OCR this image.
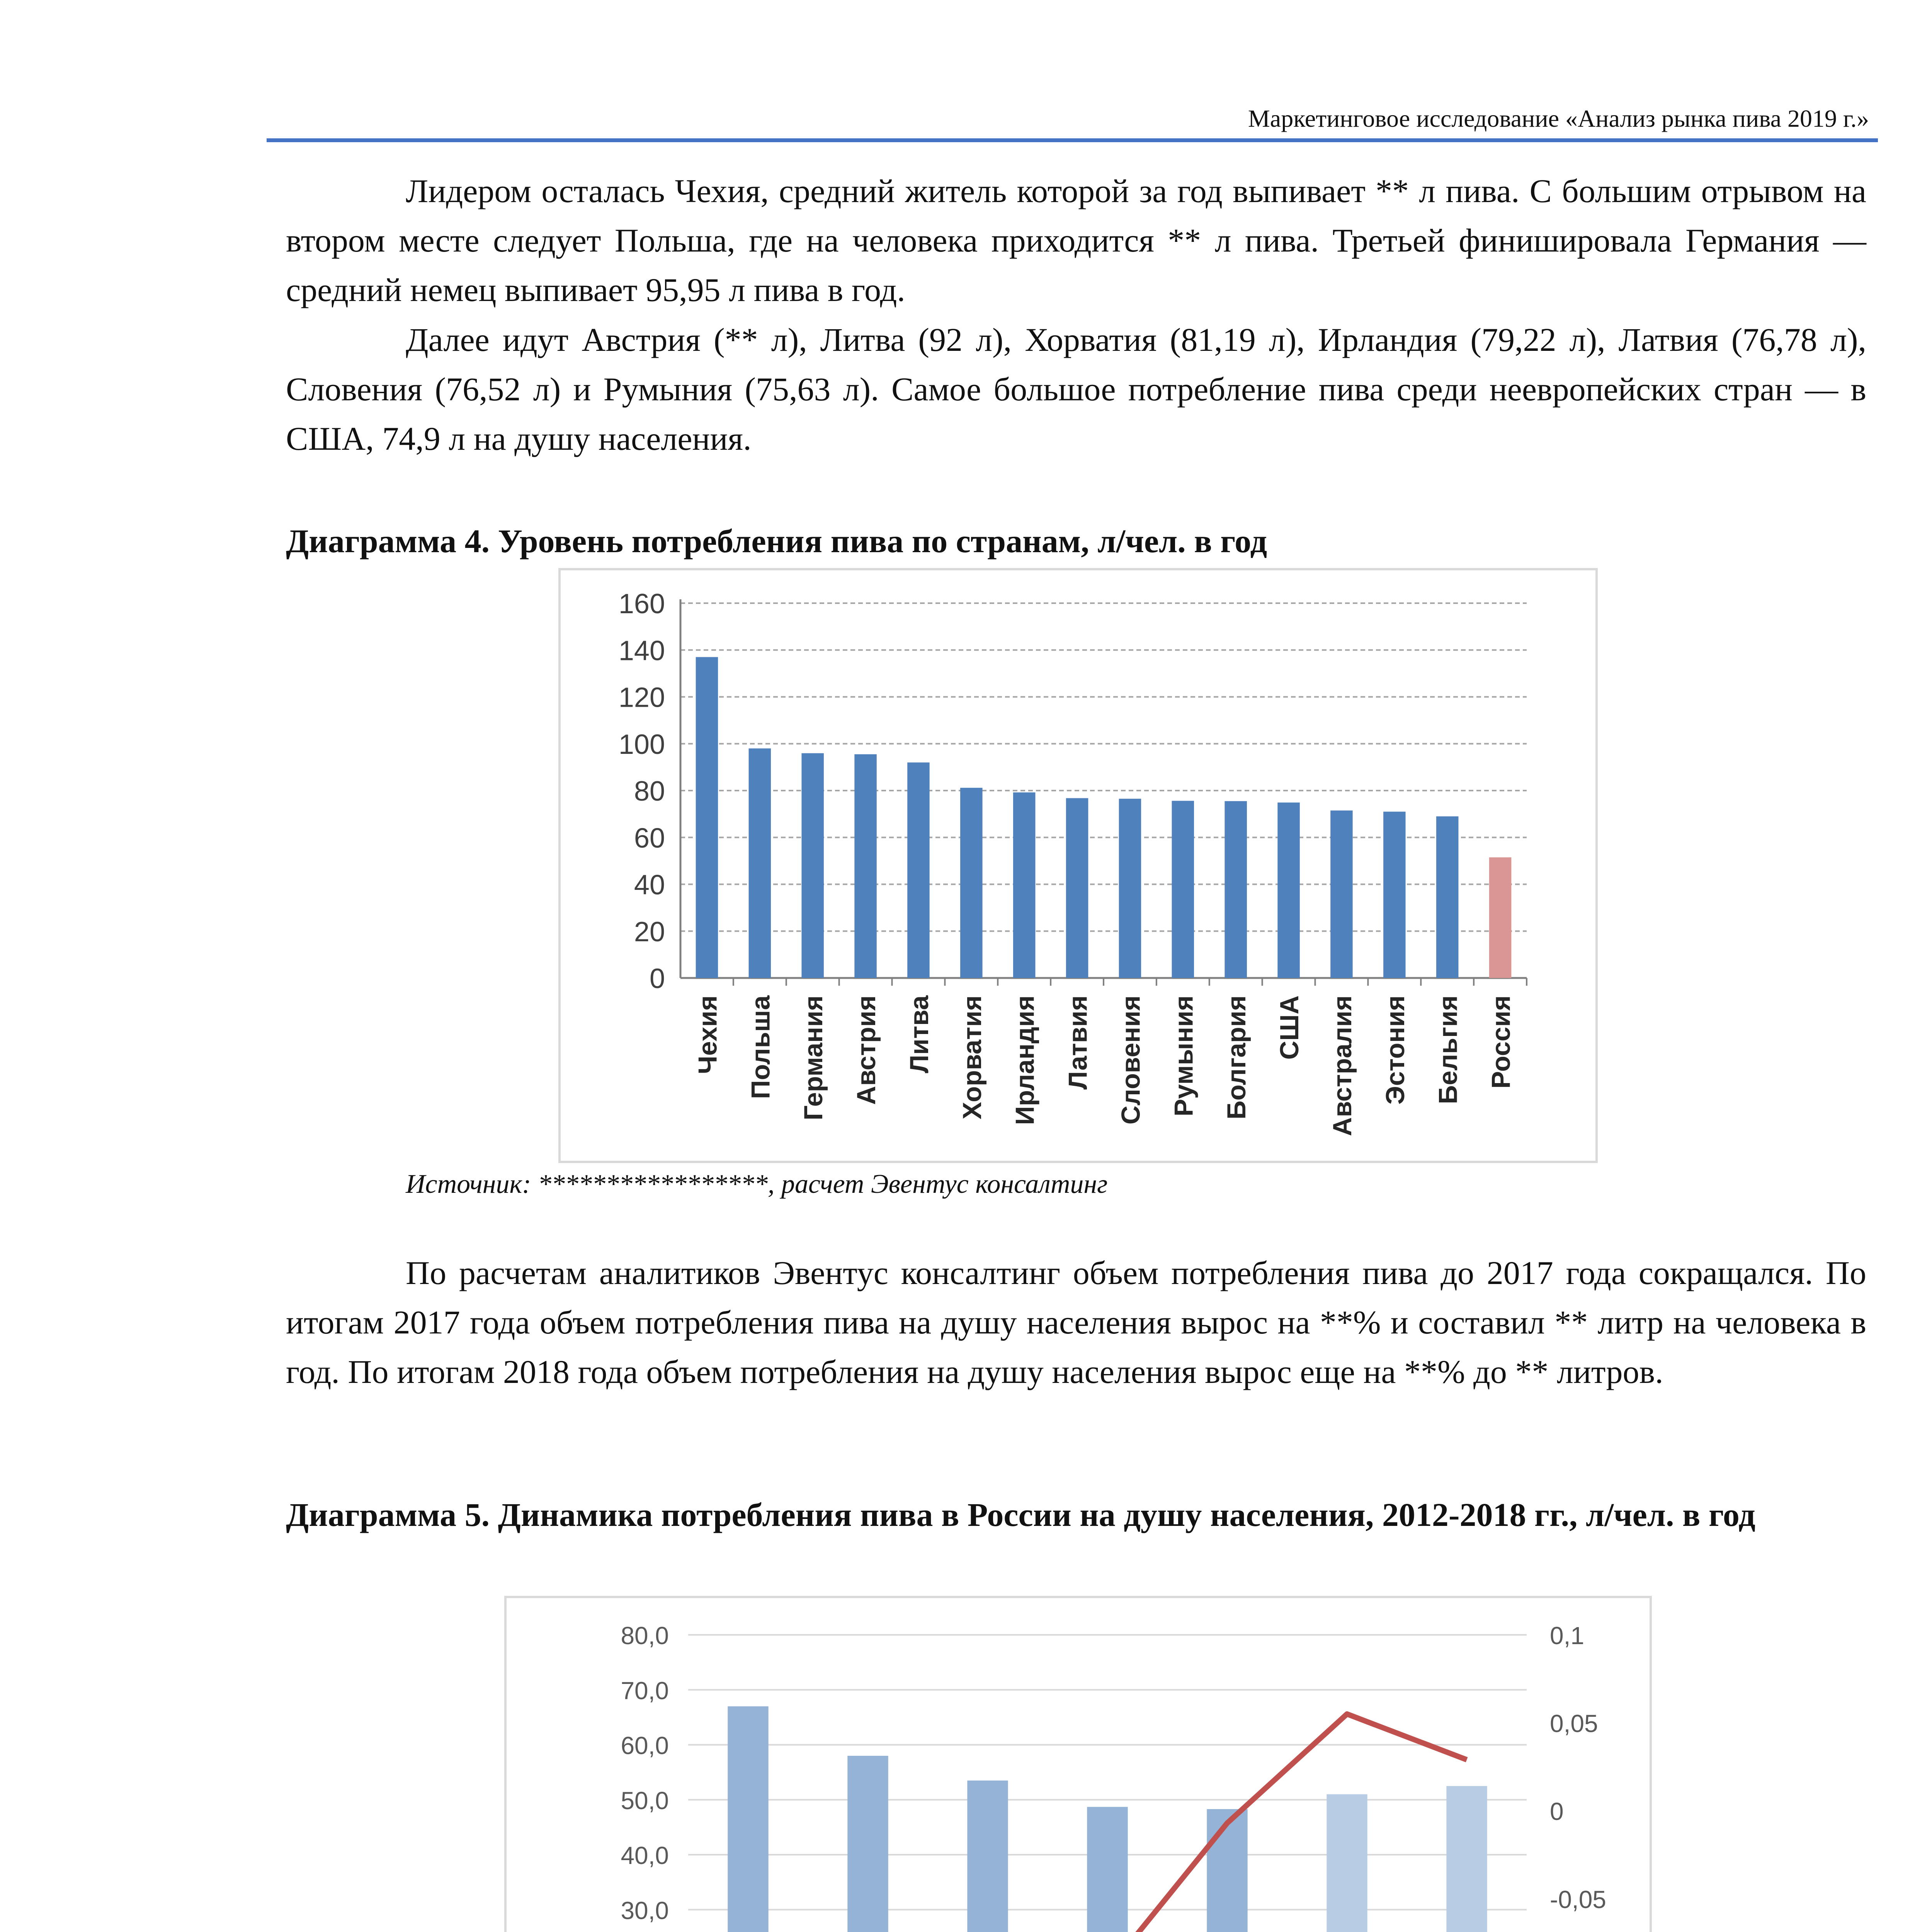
Маркетинговое исследование «Анализ рынка пива 2019 г.»

Лидером осталась Чехия, средний житель которой за год выпивает ** л пива. С большим отрывом на втором месте следует Польша, где на человека приходится ** л пива. Третьей финишировала Германия — средний немец выпивает 95,95 л пива в год.

Далее идут Австрия (** л), Литва (92 л), Хорватия (81,19 л), Ирландия (79,22 л), Латвия (76,78 л), Словения (76,52 л) и Румыния (75,63 л). Самое большое потребление пива среди неевропейских стран — в США, 74,9 л на душу населения.

Диаграмма 4. Уровень потребления пива по странам, л/чел. в год

0
20
40
60
80
100
120
140
160
Чехия Польша Германия Австрия Литва Хорватия Ирландия Латвия Словения Румыния Болгария США Австралия Эстония Бельгия Россия
Источник: *****************, расчет Эвентус консалтинг

По расчетам аналитиков Эвентус консалтинг объем потребления пива до 2017 года сокращался. По итогам 2017 года объем потребления пива на душу населения вырос на **% и составил ** литр на человека в год. По итогам 2018 года объем потребления на душу населения вырос еще на **% до ** литров.

Диаграмма 5. Динамика потребления пива в России на душу населения, 2012-2018 гг., л/чел. в год

30,0
40,0
50,0
60,0
70,0
80,0
-0,05
0
0,05
0,1
